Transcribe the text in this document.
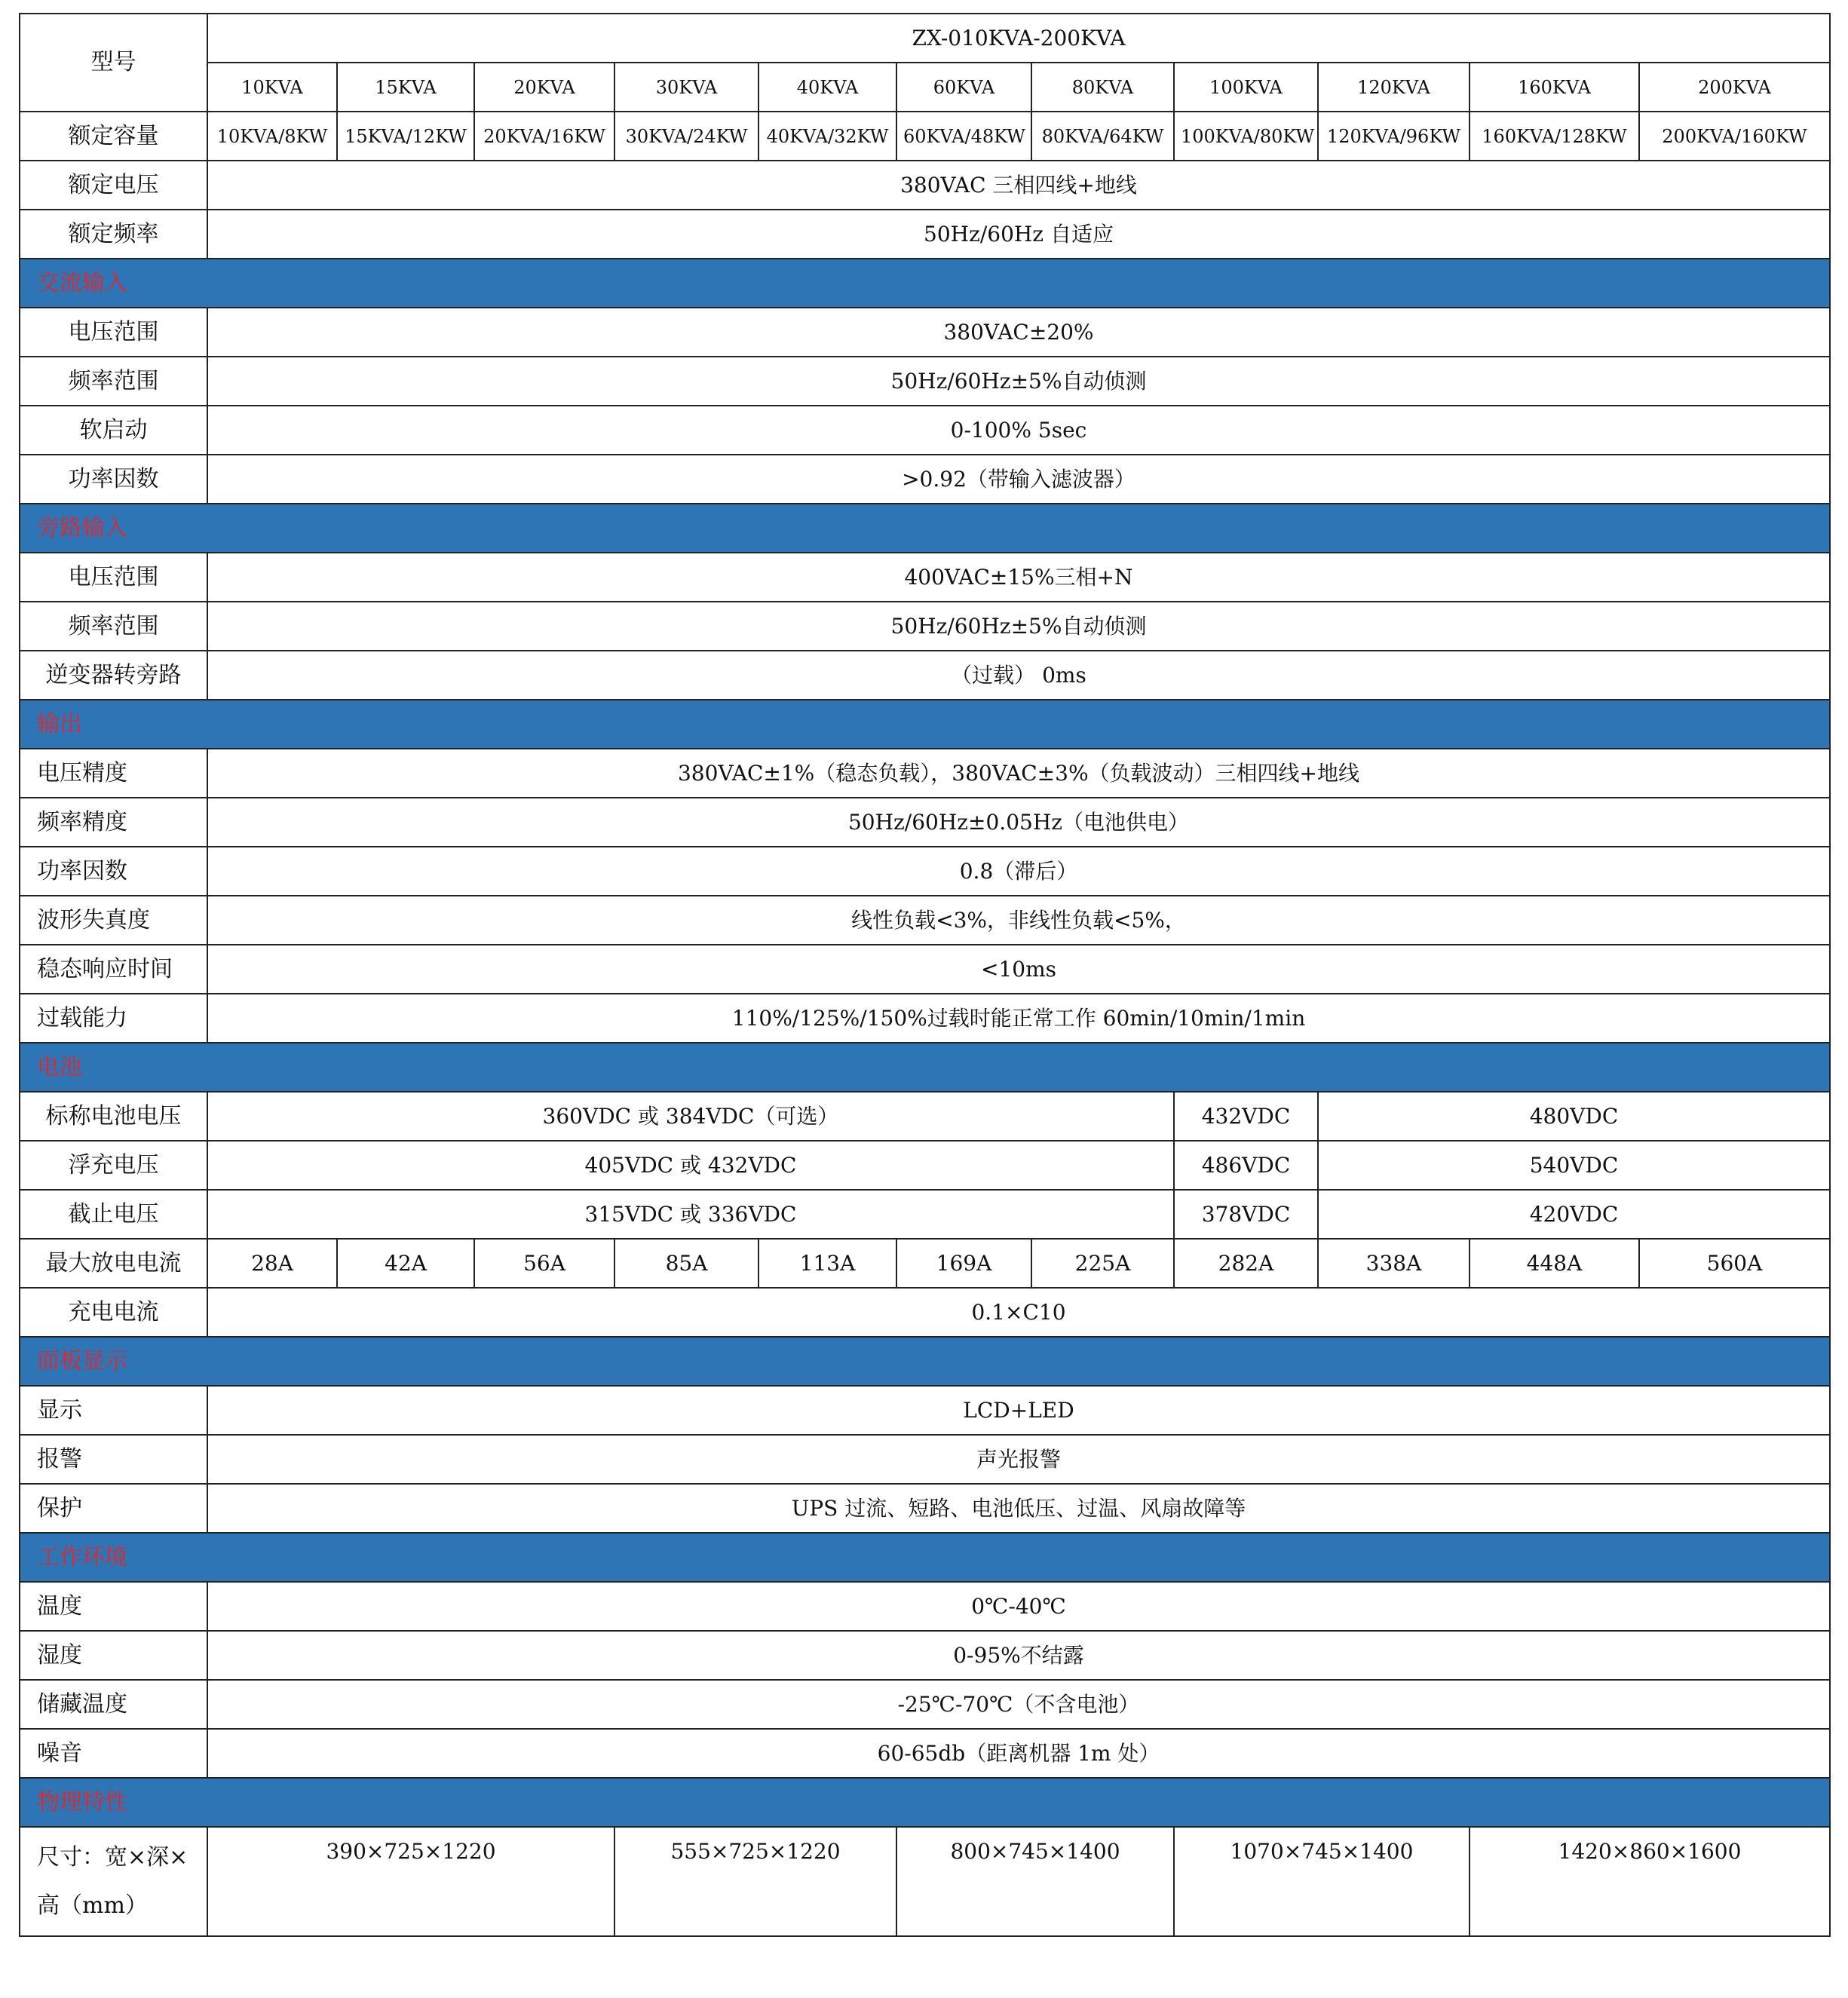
型号	ZX-010KVA-200KVA										
	10KVA	15KVA	20KVA	30KVA	40KVA	60KVA	80KVA	100KVA	120KVA	160KVA	200KVA
额定容量	10KVA/8KW	15KVA/12KW	20KVA/16KW	30KVA/24KW	40KVA/32KW	60KVA/48KW	80KVA/64KW	100KVA/80KW	120KVA/96KW	160KVA/128KW	200KVA/160KW
额定电压	380VAC 三相四线+地线										
额定频率	50Hz/60Hz 自适应										
交流输入											
电压范围	380VAC±20%										
频率范围	50Hz/60Hz±5%自动侦测										
软启动	0-100% 5sec										
功率因数	>0.92（带输入滤波器）										
旁路输入											
电压范围	400VAC±15%三相+N										
频率范围	50Hz/60Hz±5%自动侦测										
逆变器转旁路	（过载） 0ms										
输出											
电压精度	380VAC±1%（稳态负载），380VAC±3%（负载波动）三相四线+地线										
频率精度	50Hz/60Hz±0.05Hz（电池供电）										
功率因数	0.8（滞后）										
波形失真度	线性负载<3%，非线性负载<5%，										
稳态响应时间	<10ms										
过载能力	110%/125%/150%过载时能正常工作 60min/10min/1min										
电池											
标称电池电压	360VDC 或 384VDC（可选）							432VDC	480VDC		
浮充电压	405VDC 或 432VDC							486VDC	540VDC		
截止电压	315VDC 或 336VDC							378VDC	420VDC		
最大放电电流	28A	42A	56A	85A	113A	169A	225A	282A	338A	448A	560A
充电电流	0.1×C10										
面板显示											
显示	LCD+LED										
报警	声光报警										
保护	UPS 过流、短路、电池低压、过温、风扇故障等										
工作环境											
温度	0℃-40℃										
湿度	0-95%不结露										
储藏温度	-25℃-70℃（不含电池）										
噪音	60-65db（距离机器 1m 处）										
物理特性											
尺寸：宽×深×高（mm）	390×725×1220			555×725×1220		800×745×1400		1070×745×1400		1420×860×1600	
